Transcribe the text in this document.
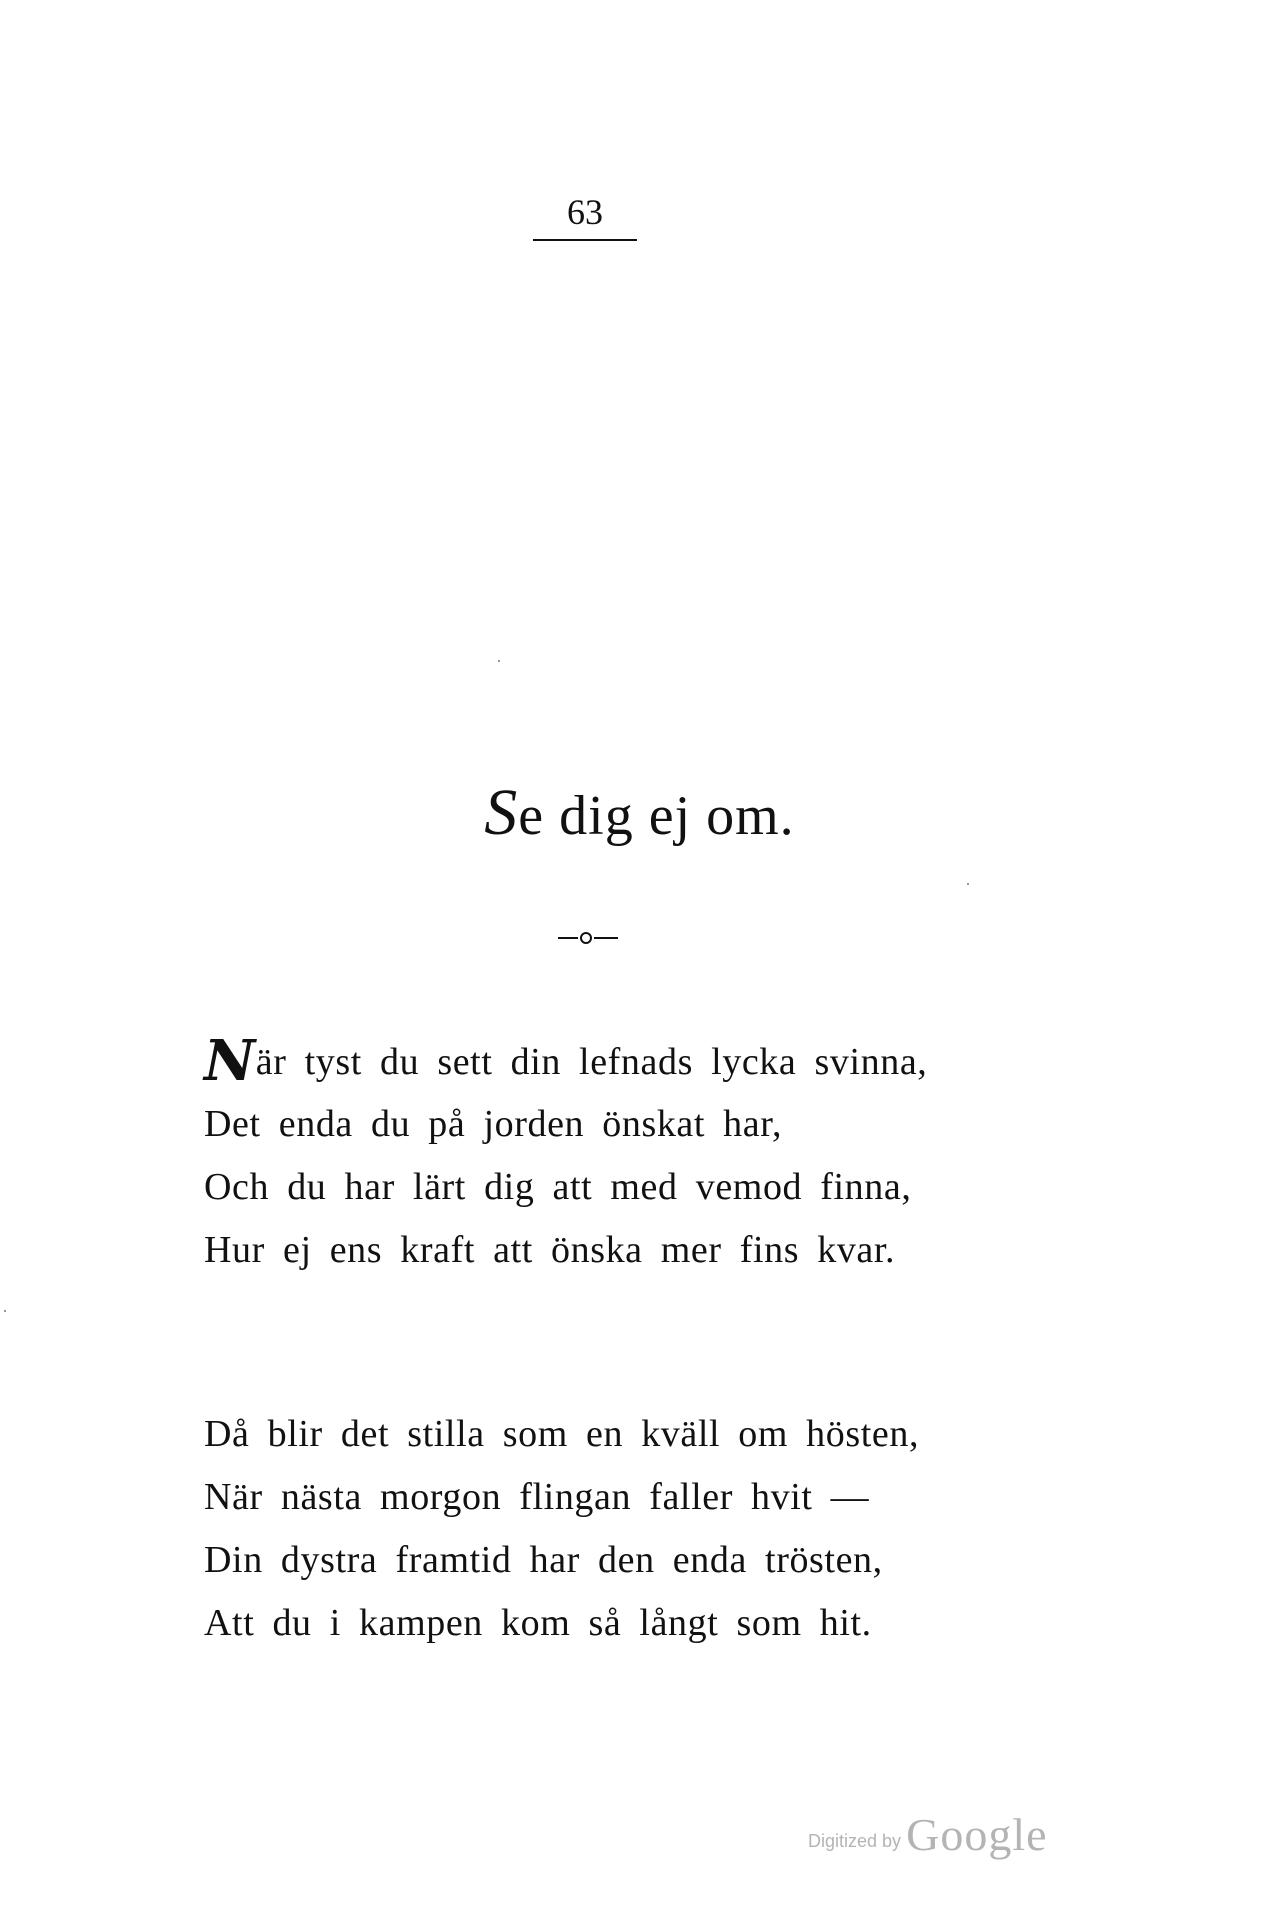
63
Se dig ej om.
När tyst du sett din lefnads lycka svinna,
Det enda du på jorden önskat har,
Och du har lärt dig att med vemod finna,
Hur ej ens kraft att önska mer fins kvar.
Då blir det stilla som en kväll om hösten,
När nästa morgon flingan faller hvit —
Din dystra framtid har den enda trösten,
Att du i kampen kom så långt som hit.
Digitized by Google
